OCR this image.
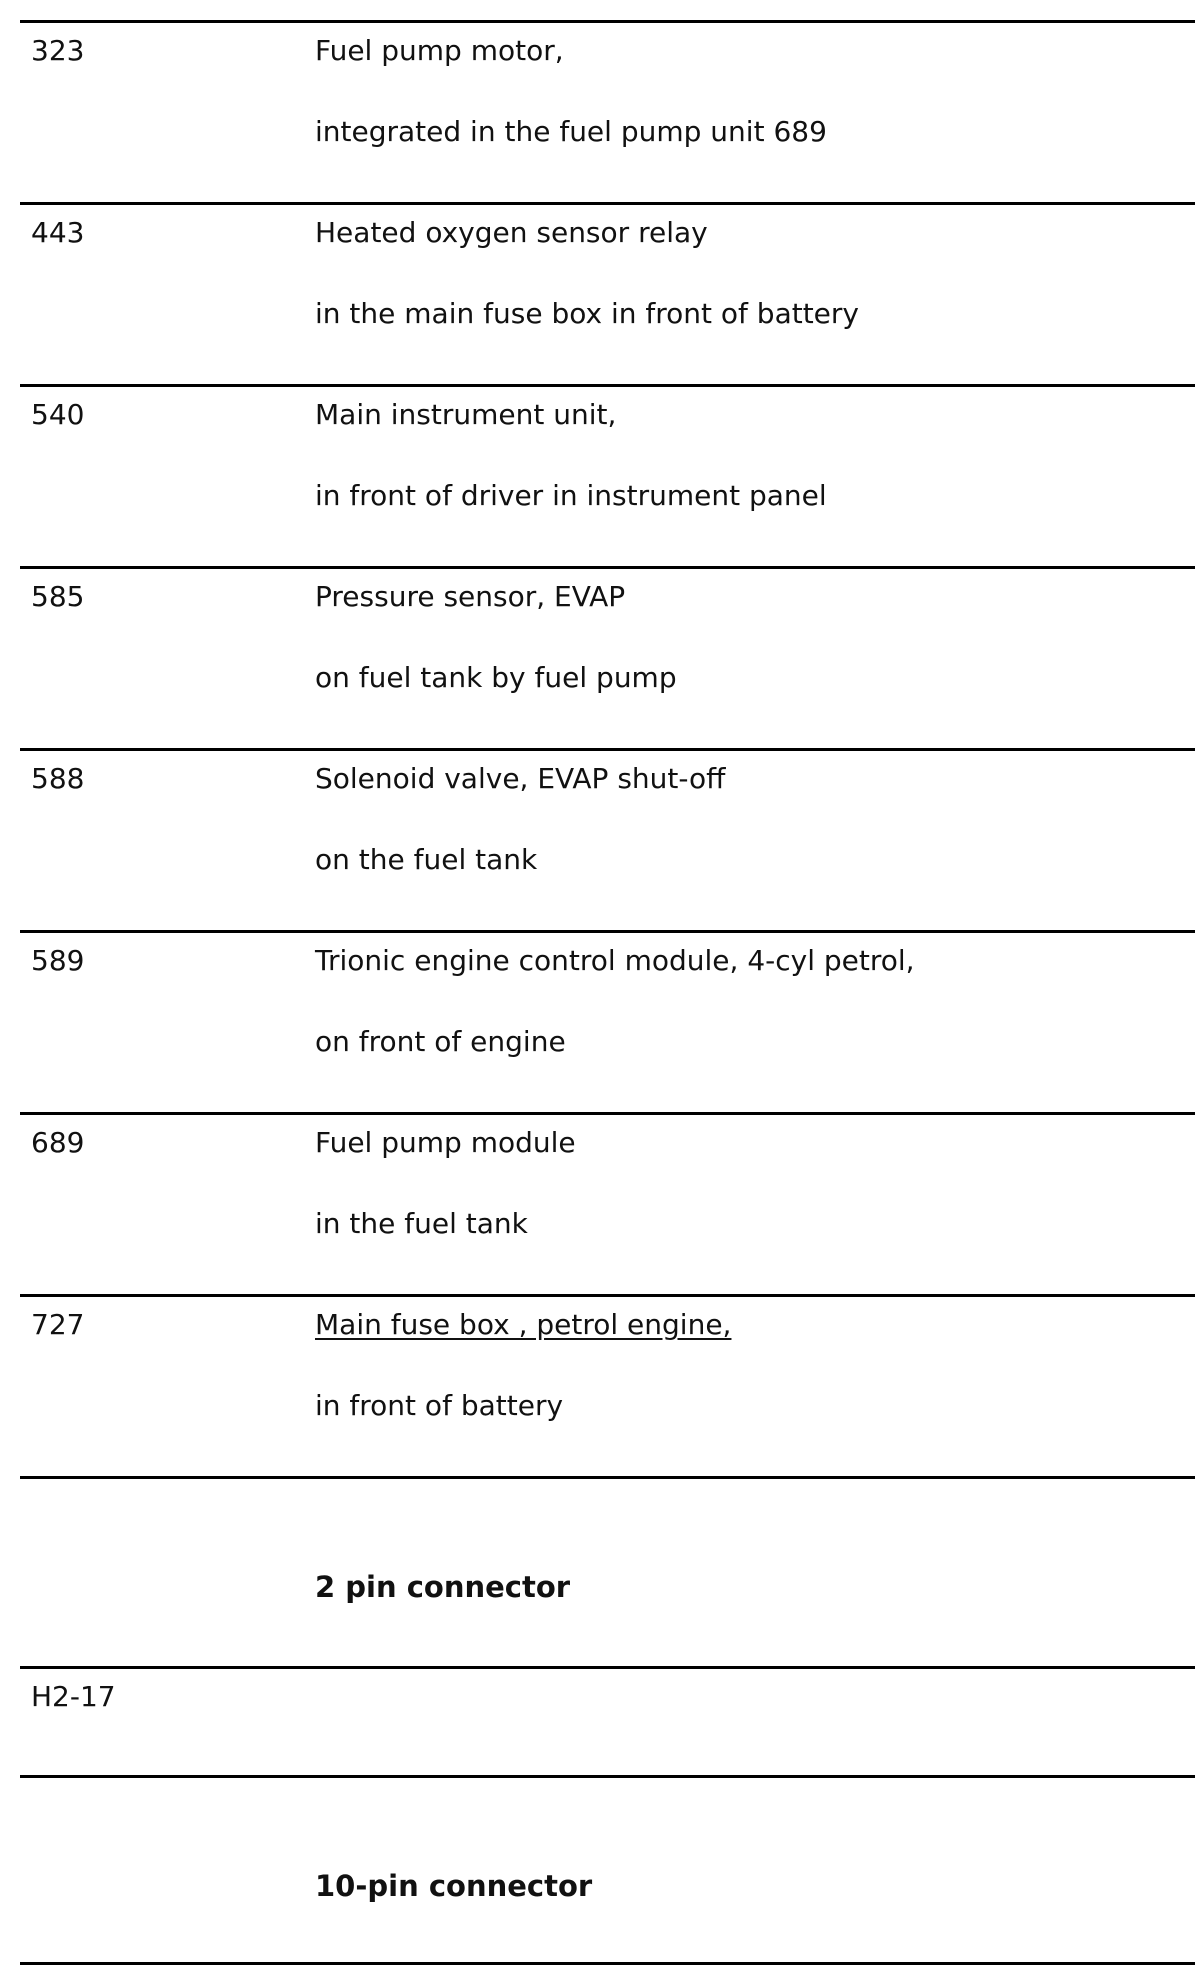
323	Fuel pump motor,
integrated in the fuel pump unit 689
443	Heated oxygen sensor relay
in the main fuse box in front of battery
540	Main instrument unit,
in front of driver in instrument panel
585	Pressure sensor, EVAP
on fuel tank by fuel pump
588	Solenoid valve, EVAP shut-off
on the fuel tank
589	Trionic engine control module, 4-cyl petrol,
on front of engine
689	Fuel pump module
in the fuel tank
727	Main fuse box , petrol engine,
in front of battery
2 pin connector
H2-17
10-pin connector
